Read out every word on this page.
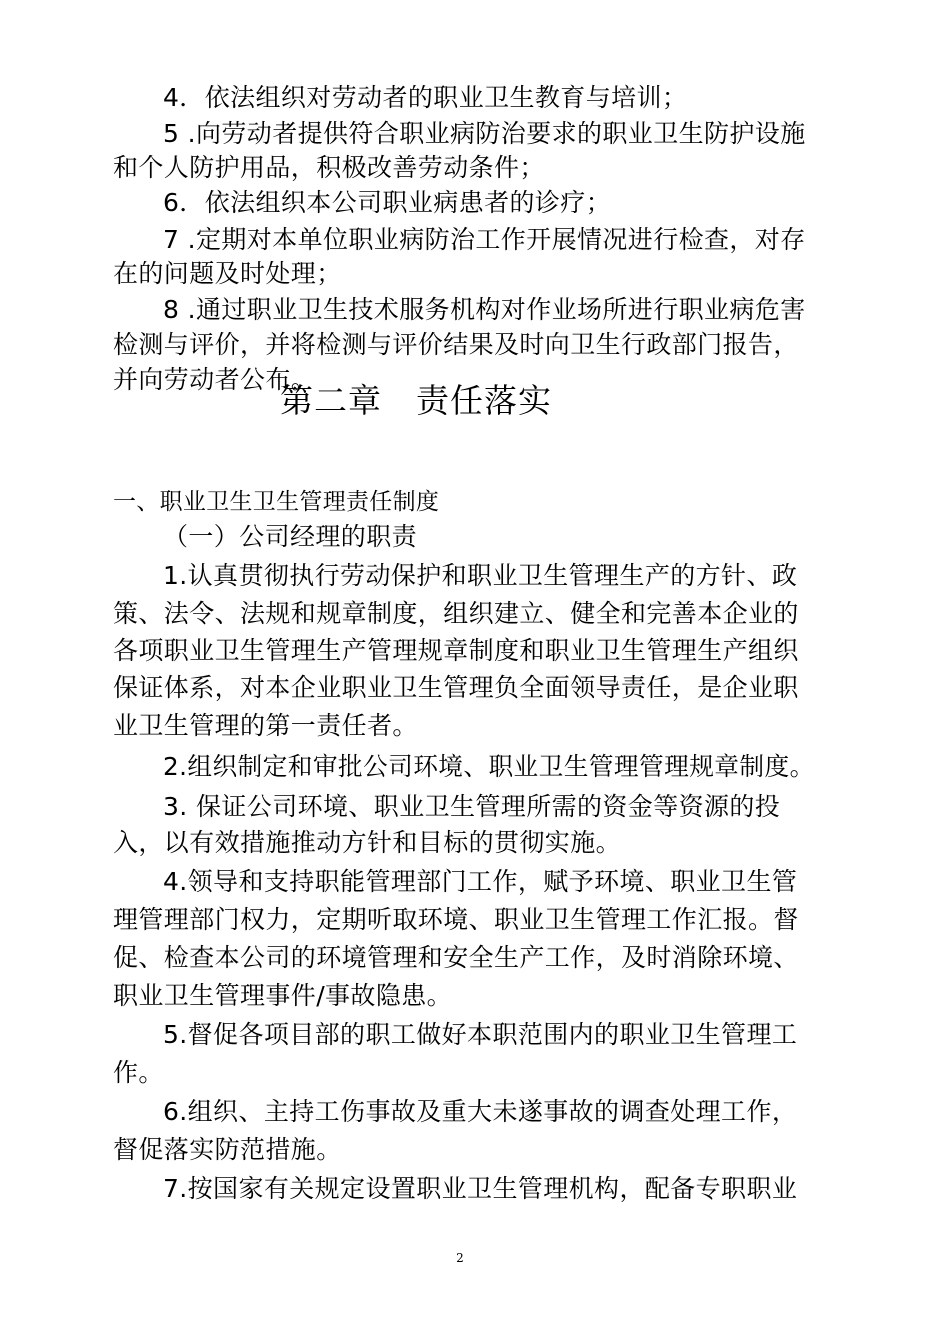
4．依法组织对劳动者的职业卫生教育与培训；
5 .向劳动者提供符合职业病防治要求的职业卫生防护设施
和个人防护用品，积极改善劳动条件；
6．依法组织本公司职业病患者的诊疗；
7 .定期对本单位职业病防治工作开展情况进行检查，对存
在的问题及时处理；
8 .通过职业卫生技术服务机构对作业场所进行职业病危害
检测与评价，并将检测与评价结果及时向卫生行政部门报告，
并向劳动者公布。
第二章　责任落实
一、职业卫生卫生管理责任制度
（一）公司经理的职责
1.认真贯彻执行劳动保护和职业卫生管理生产的方针、政
策、法令、法规和规章制度，组织建立、健全和完善本企业的
各项职业卫生管理生产管理规章制度和职业卫生管理生产组织
保证体系，对本企业职业卫生管理负全面领导责任，是企业职
业卫生管理的第一责任者。
2.组织制定和审批公司环境、职业卫生管理管理规章制度。
3. 保证公司环境、职业卫生管理所需的资金等资源的投
入，以有效措施推动方针和目标的贯彻实施。
4.领导和支持职能管理部门工作，赋予环境、职业卫生管
理管理部门权力，定期听取环境、职业卫生管理工作汇报。督
促、检查本公司的环境管理和安全生产工作，及时消除环境、
职业卫生管理事件/事故隐患。
5.督促各项目部的职工做好本职范围内的职业卫生管理工
作。
6.组织、主持工伤事故及重大未遂事故的调查处理工作，
督促落实防范措施。
7.按国家有关规定设置职业卫生管理机构，配备专职职业
2
